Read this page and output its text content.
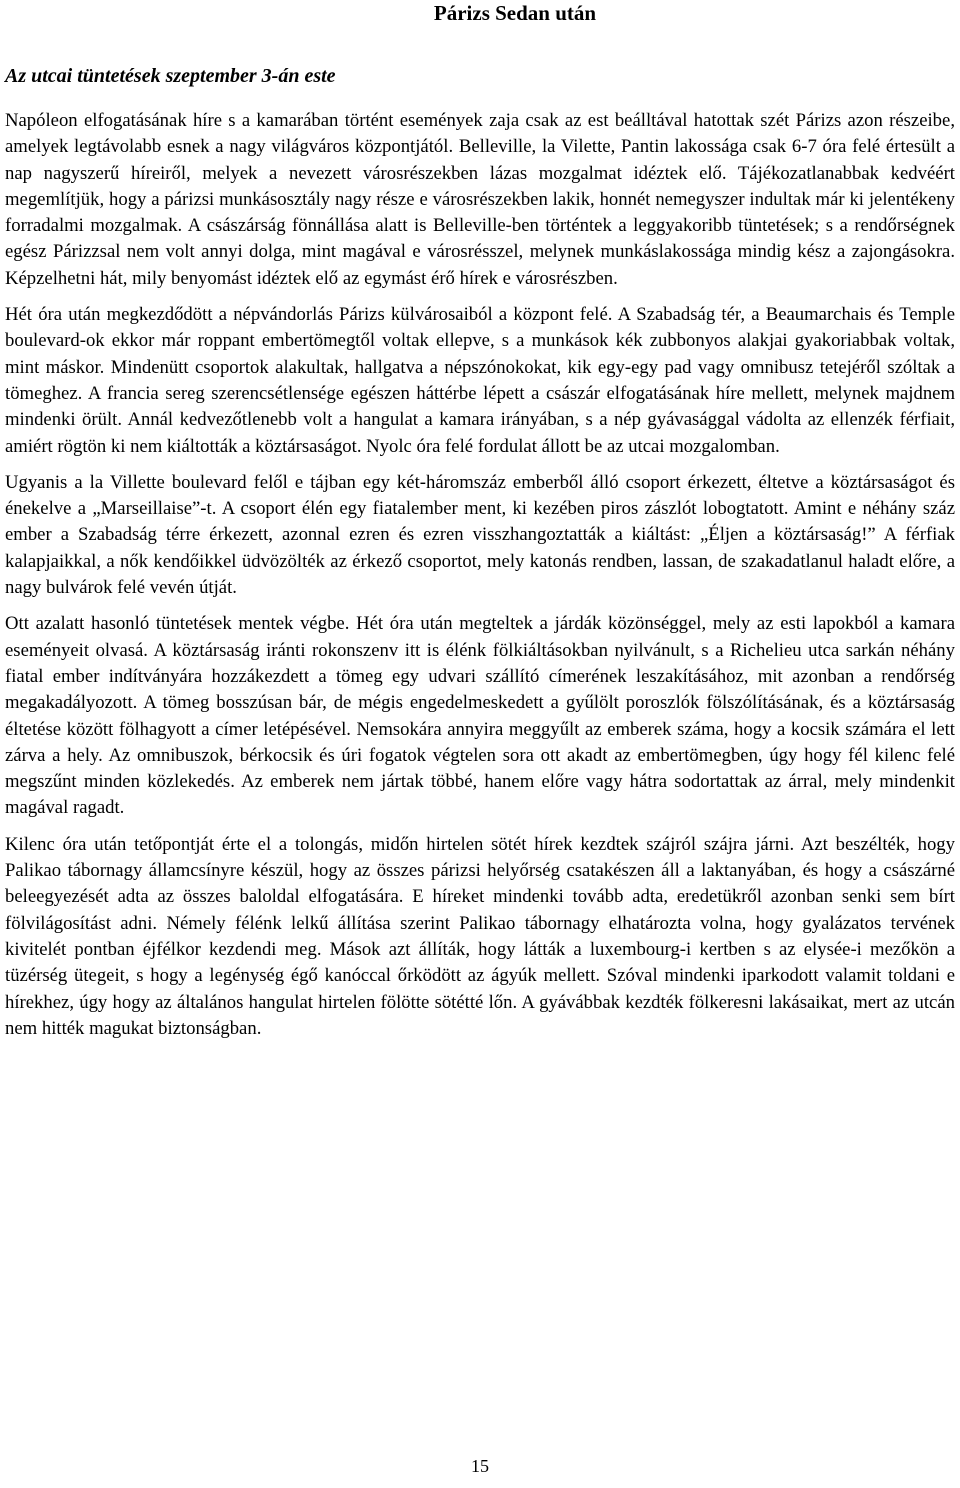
Párizs Sedan után
Az utcai tüntetések szeptember 3-án este

Napóleon elfogatásának híre s a kamarában történt események zaja csak az est beálltával hatottak szét Párizs azon részeibe, amelyek legtávolabb esnek a nagy világváros központjától. Belleville, la Vilette, Pantin lakossága csak 6-7 óra felé értesült a nap nagyszerű híreiről, melyek a nevezett városrészekben lázas mozgalmat idéztek elő. Tájékozatlanabbak kedvéért megemlítjük, hogy a párizsi munkásosztály nagy része e városrészekben lakik, honnét nemegyszer indultak már ki jelentékeny forradalmi mozgalmak. A császárság fönnállása alatt is Belleville-ben történtek a leggyakoribb tüntetések; s a rendőrségnek egész Párizzsal nem volt annyi dolga, mint magával e városrésszel, melynek munkáslakossága mindig kész a zajongásokra. Képzelhetni hát, mily benyomást idéztek elő az egymást érő hírek e városrészben.

Hét óra után megkezdődött a népvándorlás Párizs külvárosaiból a központ felé. A Szabadság tér, a Beaumarchais és Temple boulevard-ok ekkor már roppant embertömegtől voltak ellepve, s a munkások kék zubbonyos alakjai gyakoriabbak voltak, mint máskor. Mindenütt csoportok alakultak, hallgatva a népszónokokat, kik egy-egy pad vagy omnibusz tetejéről szóltak a tömeghez. A francia sereg szerencsétlensége egészen háttérbe lépett a császár elfogatásának híre mellett, melynek majdnem mindenki örült. Annál kedvezőtlenebb volt a hangulat a kamara irányában, s a nép gyávasággal vádolta az ellenzék férfiait, amiért rögtön ki nem kiáltották a köztársaságot. Nyolc óra felé fordulat állott be az utcai mozgalomban.

Ugyanis a la Villette boulevard felől e tájban egy két-háromszáz emberből álló csoport érkezett, éltetve a köztársaságot és énekelve a „Marseillaise”-t. A csoport élén egy fiatalember ment, ki kezében piros zászlót lobogtatott. Amint e néhány száz ember a Szabadság térre érkezett, azonnal ezren és ezren visszhangoztatták a kiáltást: „Éljen a köztársaság!” A férfiak kalapjaikkal, a nők kendőikkel üdvözölték az érkező csoportot, mely katonás rendben, lassan, de szakadatlanul haladt előre, a nagy bulvárok felé vevén útját.

Ott azalatt hasonló tüntetések mentek végbe. Hét óra után megteltek a járdák közönséggel, mely az esti lapokból a kamara eseményeit olvasá. A köztársaság iránti rokonszenv itt is élénk fölkiáltásokban nyilvánult, s a Richelieu utca sarkán néhány fiatal ember indítványára hozzákezdett a tömeg egy udvari szállító címerének leszakításához, mit azonban a rendőrség megakadályozott. A tömeg bosszúsan bár, de mégis engedelmeskedett a gyűlölt poroszlók fölszólításának, és a köztársaság éltetése között fölhagyott a címer letépésével. Nemsokára annyira meggyűlt az emberek száma, hogy a kocsik számára el lett zárva a hely. Az omnibuszok, bérkocsik és úri fogatok végtelen sora ott akadt az embertömegben, úgy hogy fél kilenc felé megszűnt minden közlekedés. Az emberek nem jártak többé, hanem előre vagy hátra sodortattak az árral, mely mindenkit magával ragadt.

Kilenc óra után tetőpontját érte el a tolongás, midőn hirtelen sötét hírek kezdtek szájról szájra járni. Azt beszélték, hogy Palikao tábornagy államcsínyre készül, hogy az összes párizsi helyőrség csatakészen áll a laktanyában, és hogy a császárné beleegyezését adta az összes baloldal elfogatására. E híreket mindenki tovább adta, eredetükről azonban senki sem bírt fölvilágosítást adni. Némely félénk lelkű állítása szerint Palikao tábornagy elhatározta volna, hogy gyalázatos tervének kivitelét pontban éjfélkor kezdendi meg. Mások azt állíták, hogy látták a luxembourg-i kertben s az elysée-i mezőkön a tüzérség ütegeit, s hogy a legénység égő kanóccal őrködött az ágyúk mellett. Szóval mindenki iparkodott valamit toldani e hírekhez, úgy hogy az általános hangulat hirtelen fölötte sötétté lőn. A gyávábbak kezdték fölkeresni lakásaikat, mert az utcán nem hitték magukat biztonságban.

15
